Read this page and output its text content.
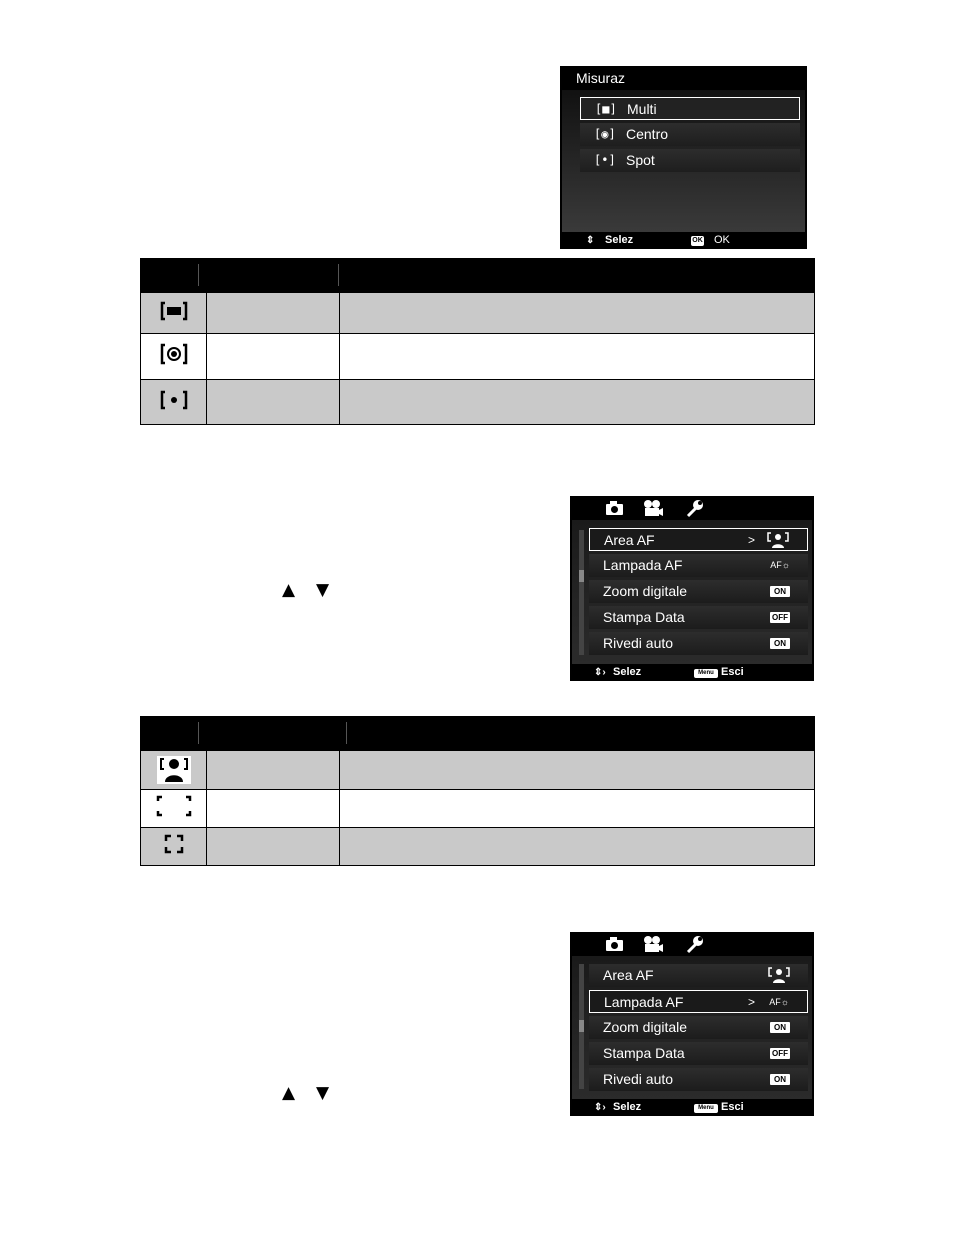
Misuraz
[■] Multi
[◉] Centro
[•] Spot
⇕ Selez	OK OK

▲ ▼
Area AF	>
Lampada AF	AF☼
Zoom digitale	ON
Stampa Data	OFF
Rivedi auto	ON
⇕› Selez	Menu Esci

Area AF
Lampada AF	> AF☼
Zoom digitale	ON
Stampa Data	OFF
Rivedi auto	ON
⇕› Selez	Menu Esci
▲ ▼
